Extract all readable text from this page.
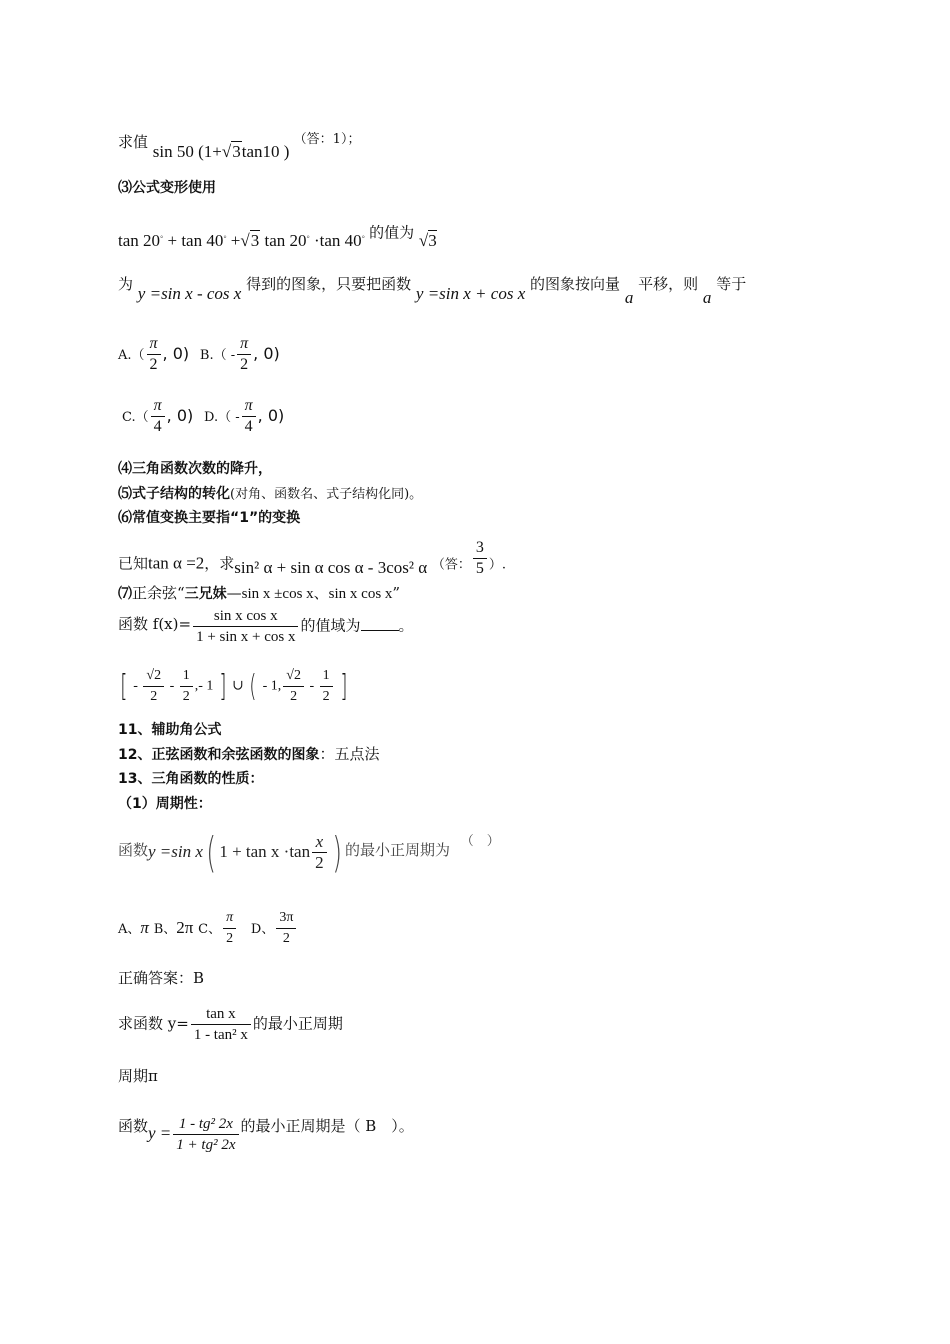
求值 sin 50 (1+√3tan10 ) （答：1）；
⑶公式变形使用
tan 20◦ + tan 40◦ +√3 tan 20◦ ·tan 40◦ 的值为 √3
为 y =sin x - cos x 得到的图象，只要把函数 y =sin x + cos x 的图象按向量 a 平移，则 a 等于
$A.( \frac{\pi}{2}$ , 0) $B.( - \frac{\pi}{2}$ , 0)
$C.( \frac{\pi}{4}$ , 0) $D.( - \frac{\pi}{4}$ , 0)
⑷三角函数次数的降升，
⑸式子结构的转化(对角、函数名、式子结构化同)。
⑹常值变换主要指“1”的变换
已知tan α =2，求sin² α + sin α cos α - 3cos² α （答： $\frac{3}{5}$ ）.
⑺正余弦“三兄妹—sin x ±cos x、sin x cos x”
函数 $f(x)= \frac{\text{sin x cos x}}{\text{1 + sin x + cos x}}$ 的值域为	。
[ - $\frac{√2}{2} - \frac{1}{2}$ ,- 1 ] ∪ ( - 1, $\frac{√2}{2} - \frac{1}{2}$ ]
11、辅助角公式
12、正弦函数和余弦函数的图象：五点法
13、三角函数的性质：
（1）周期性：
函数y =sin x( $1 + \tan x \cdot\tan \frac{x}{2}$ ) 的最小正周期为 （　）
A、π B、2π C、 $\frac{\pi}{2}$ D、 $\frac{3\pi}{2}$
正确答案：B
求函数 $y= \frac{\text{tan x}}{\text{1 - tan² x}}$ 的最小正周期
周期π
函数$y = \frac{\text{1 - tg² 2x}}{\text{1 + tg² 2x}}$ 的最小正周期是（ B　）。
